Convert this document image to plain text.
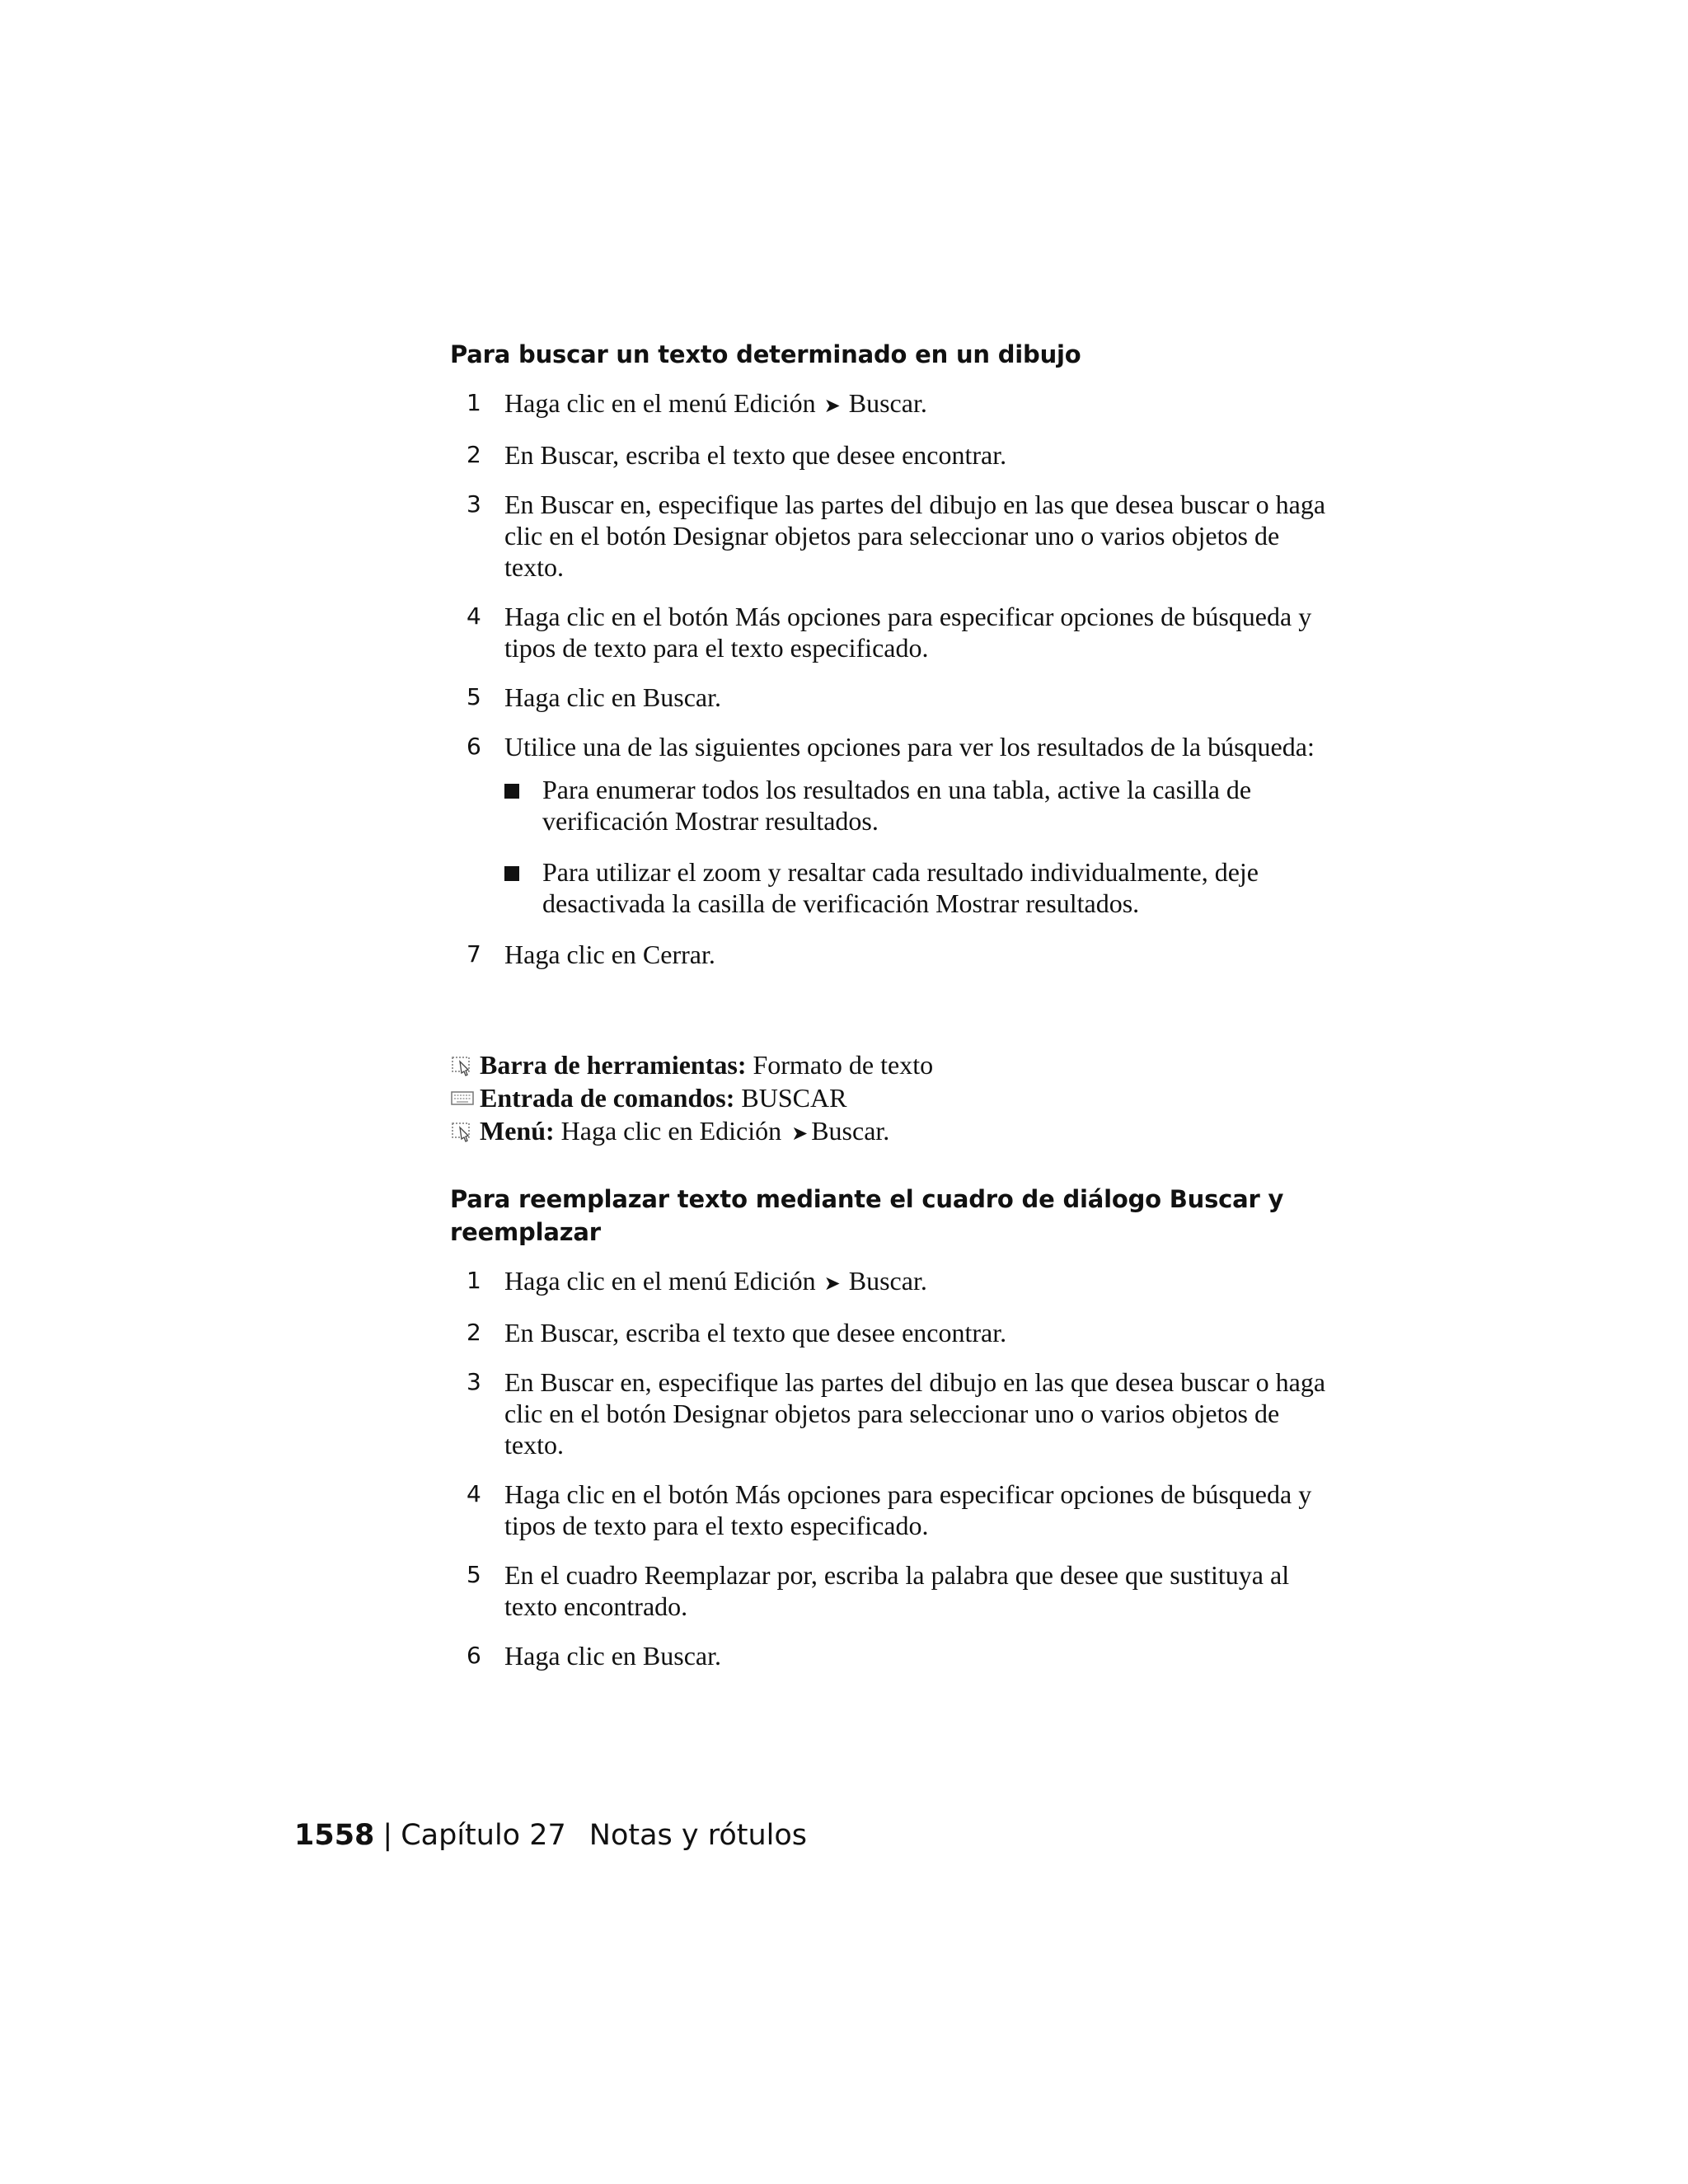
Para buscar un texto determinado en un dibujo
1 Haga clic en el menú Edición ➤ Buscar.
2 En Buscar, escriba el texto que desee encontrar.
3 En Buscar en, especifique las partes del dibujo en las que desea buscar o haga clic en el botón Designar objetos para seleccionar uno o varios objetos de texto.
4 Haga clic en el botón Más opciones para especificar opciones de búsqueda y tipos de texto para el texto especificado.
5 Haga clic en Buscar.
6 Utilice una de las siguientes opciones para ver los resultados de la búsqueda:
Para enumerar todos los resultados en una tabla, active la casilla de verificación Mostrar resultados.
Para utilizar el zoom y resaltar cada resultado individualmente, deje desactivada la casilla de verificación Mostrar resultados.
7 Haga clic en Cerrar.
Barra de herramientas: Formato de texto
Entrada de comandos: BUSCAR
Menú: Haga clic en Edición ➤ Buscar.
Para reemplazar texto mediante el cuadro de diálogo Buscar y reemplazar
1 Haga clic en el menú Edición ➤ Buscar.
2 En Buscar, escriba el texto que desee encontrar.
3 En Buscar en, especifique las partes del dibujo en las que desea buscar o haga clic en el botón Designar objetos para seleccionar uno o varios objetos de texto.
4 Haga clic en el botón Más opciones para especificar opciones de búsqueda y tipos de texto para el texto especificado.
5 En el cuadro Reemplazar por, escriba la palabra que desee que sustituya al texto encontrado.
6 Haga clic en Buscar.
1558 | Capítulo 27 Notas y rótulos
